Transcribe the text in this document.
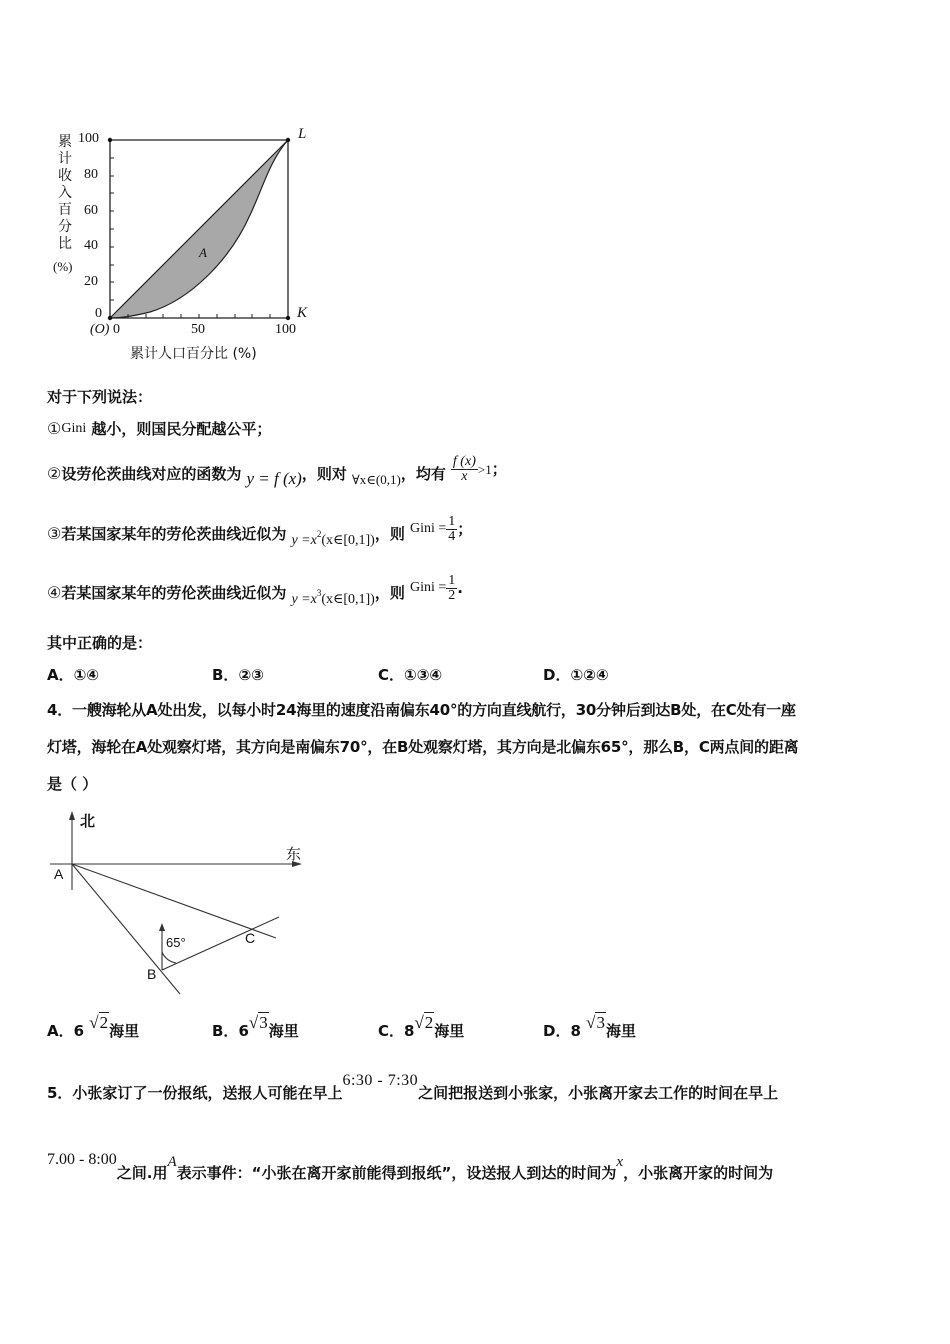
100
80
60
40
20
0
累
计
收
入
百
分
比
(%)
(O) 0	50	100
累计人口百分比 (%)
L
K
A
对于下列说法：
①Gini 越小，则国民分配越公平；
②设劳伦茨曲线对应的函数为 y = f (x)，则对 $_{\forall x\in(0,1)}$，均有 $\frac{f (x)}{x} >1$；
③若某国家某年的劳伦茨曲线近似为 $y =x^2(x\in[0,1])$，则 Gini = $\frac{1}{4}$ ；
④若某国家某年的劳伦茨曲线近似为 $y =x^3(x\in[0,1])$，则 Gini = $\frac{1}{2}$ .
其中正确的是：
A．①④	B．②③	C．①③④	D．①②④
4．一艘海轮从A处出发，以每小时24海里的速度沿南偏东40°的方向直线航行，30分钟后到达B处，在C处有一座
灯塔，海轮在A处观察灯塔，其方向是南偏东70°，在B处观察灯塔，其方向是北偏东65°，那么B，C两点间的距离
是（ ）
北
东
A
B
C
65°
A．6 √2海里	B．6√3海里	C．8√2海里	D．8 √3海里
5．小张家订了一份报纸，送报人可能在早上6:30 - 7:30之间把报送到小张家，小张离开家去工作的时间在早上
7.00 - 8:00之间.用A表示事件：“小张在离开家前能得到报纸”，设送报人到达的时间为x，小张离开家的时间为
